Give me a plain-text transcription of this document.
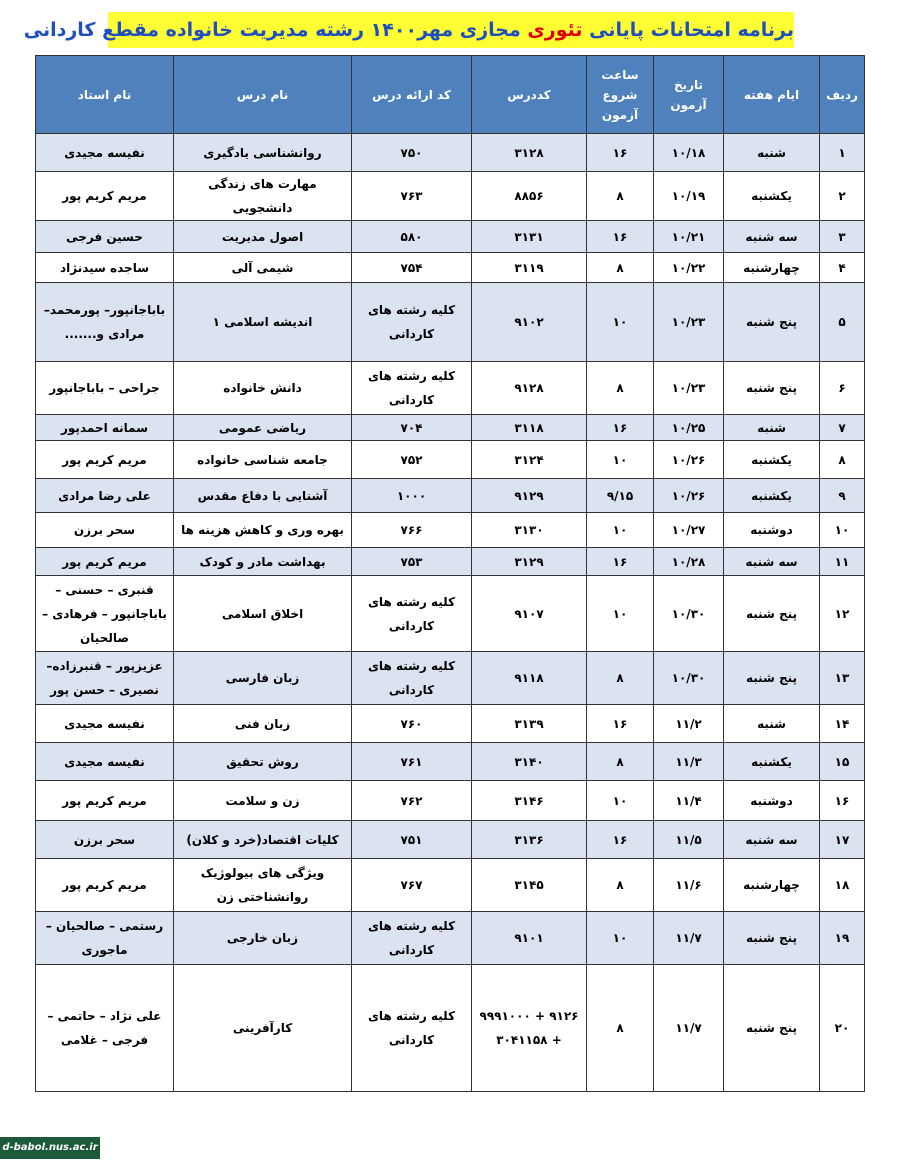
برنامه امتحانات پایانی تئوری مجازی مهر۱۴۰۰ رشته مدیریت خانواده مقطع کاردانی
ردیف	ایام هفته	تاریخ آزمون	ساعت شروع آزمون	کددرس	کد ارائه درس	نام درس	نام استاد
۱	شنبه	۱۰/۱۸	۱۶	۳۱۲۸	۷۵۰	روانشناسی یادگیری	نفیسه مجیدی
۲	یکشنبه	۱۰/۱۹	۸	۸۸۵۶	۷۶۳	مهارت های زندگی دانشجویی	مریم کریم پور
۳	سه شنبه	۱۰/۲۱	۱۶	۳۱۳۱	۵۸۰	اصول مدیریت	حسین فرجی
۴	چهارشنبه	۱۰/۲۲	۸	۳۱۱۹	۷۵۴	شیمی آلی	ساجده سیدنژاد
۵	پنج شنبه	۱۰/۲۳	۱۰	۹۱۰۲	کلیه رشته های کاردانی	اندیشه اسلامی ۱	باباجانپور– پورمحمد– مرادی و.......
۶	پنج شنبه	۱۰/۲۳	۸	۹۱۲۸	کلیه رشته های کاردانی	دانش خانواده	جراحی – باباجانپور
۷	شنبه	۱۰/۲۵	۱۶	۳۱۱۸	۷۰۴	ریاضی عمومی	سمانه احمدپور
۸	یکشنبه	۱۰/۲۶	۱۰	۳۱۲۴	۷۵۲	جامعه شناسی خانواده	مریم کریم پور
۹	یکشنبه	۱۰/۲۶	۹/۱۵	۹۱۲۹	۱۰۰۰	آشنایی با دفاع مقدس	علی رضا مرادی
۱۰	دوشنبه	۱۰/۲۷	۱۰	۳۱۳۰	۷۶۶	بهره وری و کاهش هزینه ها	سحر برزن
۱۱	سه شنبه	۱۰/۲۸	۱۶	۳۱۲۹	۷۵۳	بهداشت مادر و کودک	مریم کریم پور
۱۲	پنج شنبه	۱۰/۳۰	۱۰	۹۱۰۷	کلیه رشته های کاردانی	اخلاق اسلامی	قنبری – حسنی – باباجانپور – فرهادی – صالحیان
۱۳	پنج شنبه	۱۰/۳۰	۸	۹۱۱۸	کلیه رشته های کاردانی	زبان فارسی	عزیزپور – قنبرزاده– نصیری – حسن پور
۱۴	شنبه	۱۱/۲	۱۶	۳۱۳۹	۷۶۰	زبان فنی	نفیسه مجیدی
۱۵	یکشنبه	۱۱/۳	۸	۳۱۴۰	۷۶۱	روش تحقیق	نفیسه مجیدی
۱۶	دوشنبه	۱۱/۴	۱۰	۳۱۴۶	۷۶۲	زن و سلامت	مریم کریم پور
۱۷	سه شنبه	۱۱/۵	۱۶	۳۱۳۶	۷۵۱	کلیات اقتصاد(خرد و کلان)	سحر برزن
۱۸	چهارشنبه	۱۱/۶	۸	۳۱۴۵	۷۶۷	ویژگی های بیولوژیک روانشناختی زن	مریم کریم پور
۱۹	پنج شنبه	۱۱/۷	۱۰	۹۱۰۱	کلیه رشته های کاردانی	زبان خارجی	رستمی – صالحیان – ماجوری
۲۰	پنج شنبه	۱۱/۷	۸	۹۱۲۶ + ۹۹۹۱۰۰۰ + ۳۰۴۱۱۵۸	کلیه رشته های کاردانی	کارآفرینی	علی نژاد – حاتمی – فرجی – غلامی
d-babol.nus.ac.ir
